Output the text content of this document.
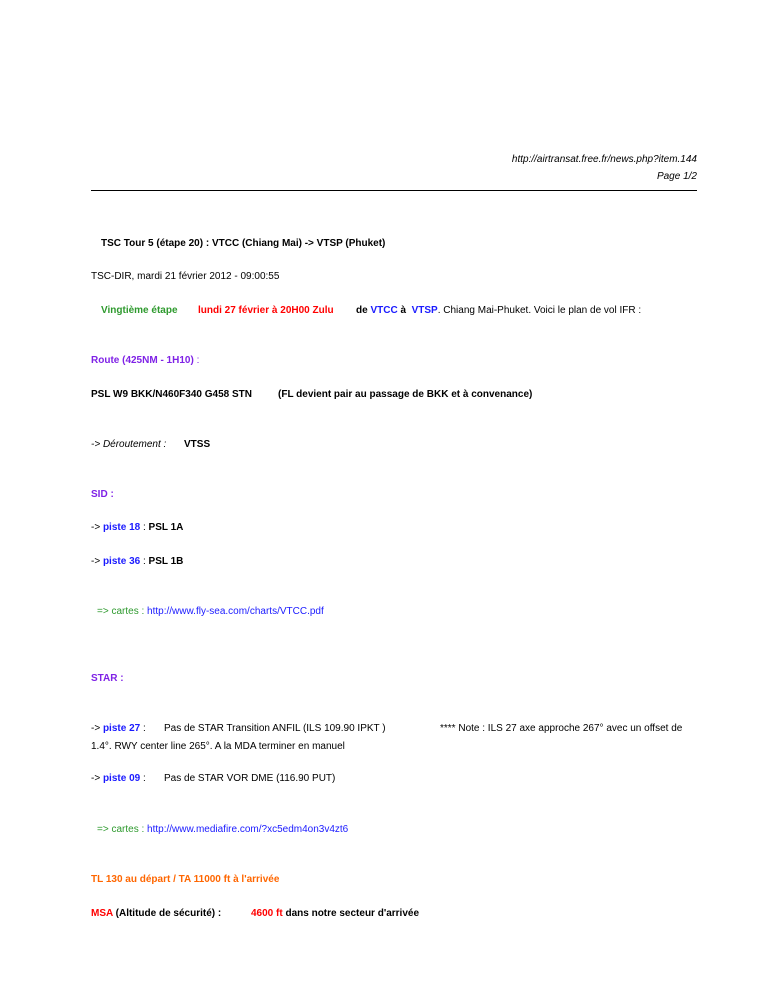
http://airtransat.free.fr/news.php?item.144
Page 1/2
TSC Tour 5 (étape 20) : VTCC (Chiang Mai) -> VTSP (Phuket)
TSC-DIR, mardi 21 février 2012 - 09:00:55
Vingtième étape lundi 27 février à 20H00 Zulu de VTCC à VTSP. Chiang Mai-Phuket. Voici le plan de vol IFR :
Route (425NM - 1H10) :
PSL W9 BKK/N460F340 G458 STN	(FL devient pair au passage de BKK et à convenance)
-> Déroutement : VTSS
SID :
-> piste 18 : PSL 1A
-> piste 36 : PSL 1B
=> cartes : http://www.fly-sea.com/charts/VTCC.pdf
STAR :
-> piste 27 : Pas de STAR Transition ANFIL (ILS 109.90 IPKT )	**** Note : ILS 27 axe approche 267° avec un offset de
1.4°. RWY center line 265°. A la MDA terminer en manuel
-> piste 09 : Pas de STAR VOR DME (116.90 PUT)
=> cartes : http://www.mediafire.com/?xc5edm4on3v4zt6
TL 130 au départ / TA 11000 ft à l'arrivée
MSA (Altitude de sécurité) :	4600 ft dans notre secteur d'arrivée
